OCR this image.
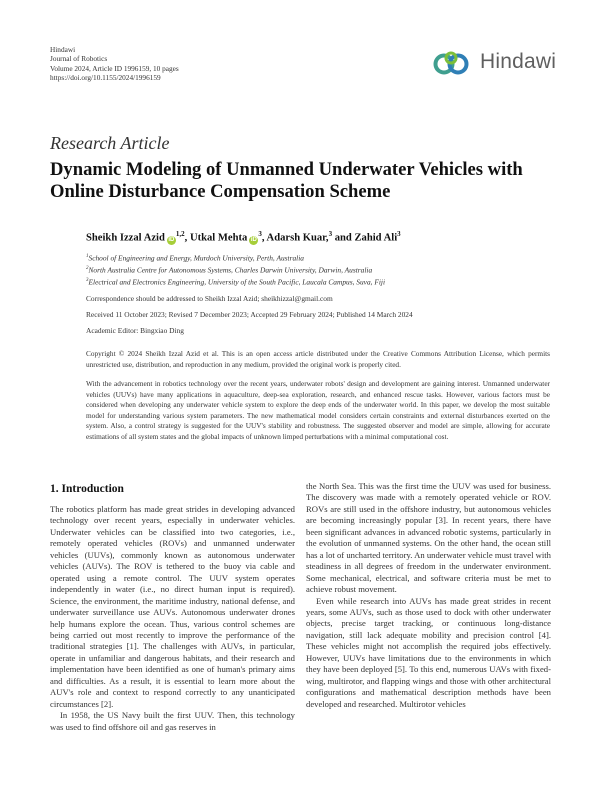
Hindawi
Journal of Robotics
Volume 2024, Article ID 1996159, 10 pages
https://doi.org/10.1155/2024/1996159
Hindawi
Research Article
Dynamic Modeling of Unmanned Underwater Vehicles with Online Disturbance Compensation Scheme
Sheikh Izzal Azid iD$^{1,2}$, Utkal Mehta $iD^3$, Adarsh Kuar,$^3$ and Zahid Ali$^3$
$^1$School of Engineering and Energy, Murdoch University, Perth, Australia
$^2$North Australia Centre for Autonomous Systems, Charles Darwin University, Darwin, Australia
$^3$Electrical and Electronics Engineering, University of the South Pacific, Laucala Campus, Suva, Fiji
Correspondence should be addressed to Sheikh Izzal Azid; sheikhizzal@gmail.com
Received 11 October 2023; Revised 7 December 2023; Accepted 29 February 2024; Published 14 March 2024
Academic Editor: Bingxiao Ding

Copyright © 2024 Sheikh Izzal Azid et al. This is an open access article distributed under the Creative Commons Attribution License, which permits unrestricted use, distribution, and reproduction in any medium, provided the original work is properly cited.

With the advancement in robotics technology over the recent years, underwater robots' design and development are gaining interest. Unmanned underwater vehicles (UUVs) have many applications in aquaculture, deep-sea exploration, research, and enhanced rescue tasks. However, various factors must be considered when developing any underwater vehicle system to explore the deep ends of the underwater world. In this paper, we develop the most suitable model for understanding various system parameters. The new mathematical model considers certain constraints and external disturbances exerted on the system. Also, a control strategy is suggested for the UUV's stability and robustness. The suggested observer and model are simple, allowing for accurate estimations of all system states and the global impacts of unknown limped perturbations with a minimal computational cost.

1. Introduction

The robotics platform has made great strides in developing advanced technology over recent years, especially in underwater vehicles. Underwater vehicles can be classified into two categories, i.e., remotely operated vehicles (ROVs) and unmanned underwater vehicles (UUVs), commonly known as autonomous underwater vehicles (AUVs). The ROV is tethered to the buoy via cable and operated using a remote control. The UUV system operates independently in water (i.e., no direct human input is required). Science, the environment, the maritime industry, national defense, and underwater surveillance use AUVs. Autonomous underwater drones help humans explore the ocean. Thus, various control schemes are being carried out most recently to improve the performance of the traditional strategies [1]. The challenges with AUVs, in particular, operate in unfamiliar and dangerous habitats, and their research and implementation have been identified as one of human's primary aims and difficulties. As a result, it is essential to learn more about the AUV's role and context to respond correctly to any unanticipated circumstances [2].

In 1958, the US Navy built the first UUV. Then, this technology was used to find offshore oil and gas reserves in

the North Sea. This was the first time the UUV was used for business. The discovery was made with a remotely operated vehicle or ROV. ROVs are still used in the offshore industry, but autonomous vehicles are becoming increasingly popular [3]. In recent years, there have been significant advances in advanced robotic systems, particularly in the evolution of unmanned systems. On the other hand, the ocean still has a lot of uncharted territory. An underwater vehicle must travel with steadiness in all degrees of freedom in the underwater environment. Some mechanical, electrical, and software criteria must be met to achieve robust movement.

Even while research into AUVs has made great strides in recent years, some AUVs, such as those used to dock with other underwater objects, precise target tracking, or continuous long-distance navigation, still lack adequate mobility and precision control [4]. These vehicles might not accomplish the required jobs effectively. However, UUVs have limitations due to the environments in which they have been deployed [5]. To this end, numerous UAVs with fixed-wing, multirotor, and flapping wings and those with other architectural configurations and mathematical description methods have been developed and researched. Multirotor vehicles
